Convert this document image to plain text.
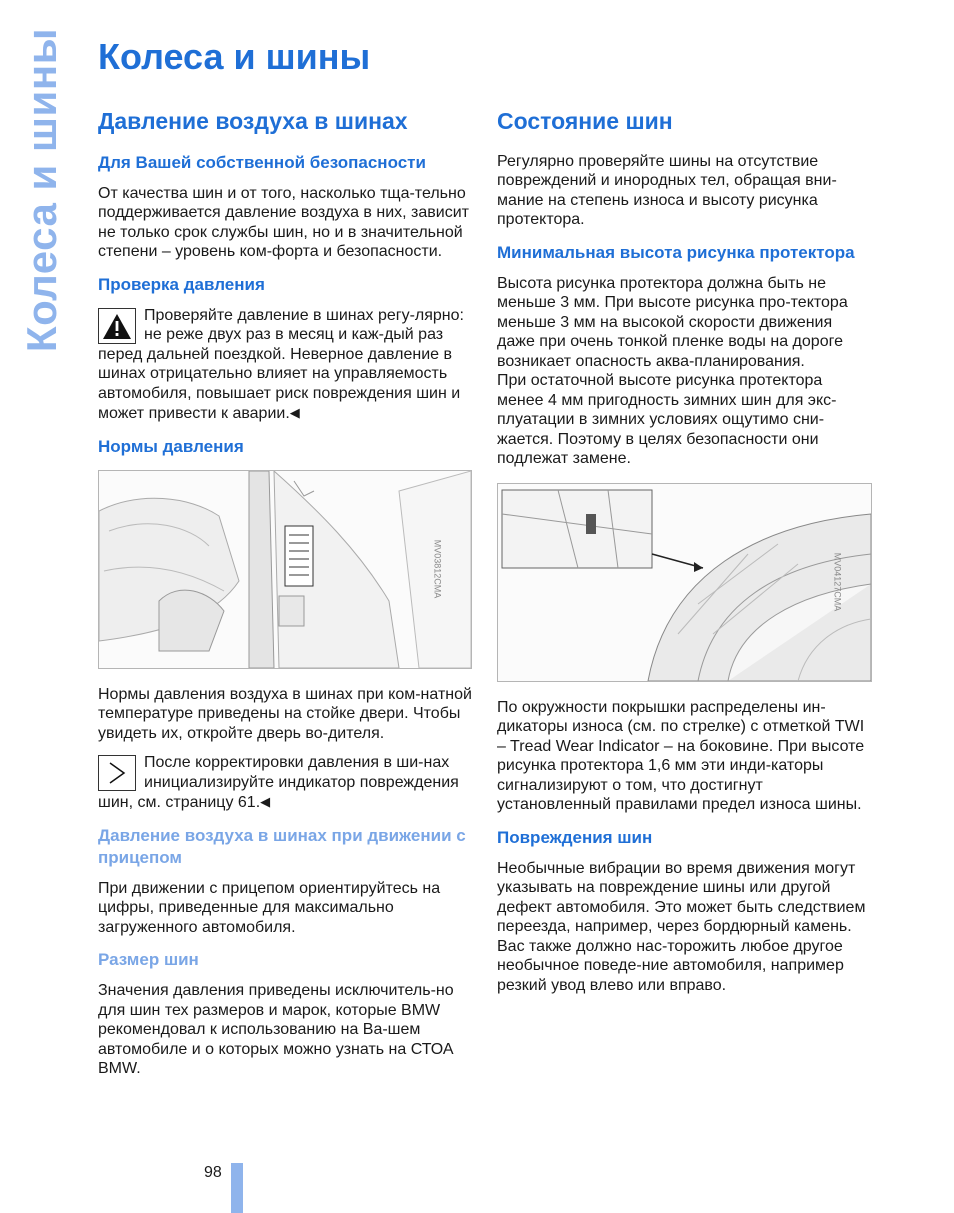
Колеса и шины Колеса и шины
Давление воздуха в шинах
Для Вашей собственной безопасности

От качества шин и от того, насколько тща-тельно поддерживается давление воздуха в них, зависит не только срок службы шин, но и в значительной степени – уровень ком-форта и безопасности.

Проверка давления

Проверяйте давление в шинах регу-лярно: не реже двух раз в месяц и каж-дый раз перед дальней поездкой. Неверное давление в шинах отрицательно влияет на управляемость автомобиля, повышает риск повреждения шин и может привести к аварии.◀

Нормы давления
MV03812CMA

Нормы давления воздуха в шинах при ком-натной температуре приведены на стойке двери. Чтобы увидеть их, откройте дверь во-дителя.

После корректировки давления в ши-нах инициализируйте индикатор повреждения шин, см. страницу 61.◀

Давление воздуха в шинах при движении с прицепом

При движении с прицепом ориентируйтесь на цифры, приведенные для максимально загруженного автомобиля.

Размер шин

Значения давления приведены исключитель-но для шин тех размеров и марок, которые BMW рекомендовал к использованию на Ва-шем автомобиле и о которых можно узнать на СТОА BMW.

Состояние шин

Регулярно проверяйте шины на отсутствие повреждений и инородных тел, обращая вни-мание на степень износа и высоту рисунка протектора.

Минимальная высота рисунка протектора

Высота рисунка протектора должна быть не меньше 3 мм. При высоте рисунка про-тектора меньше 3 мм на высокой скорости движения даже при очень тонкой пленке воды на дороге возникает опасность аква-планирования.

При остаточной высоте рисунка протектора менее 4 мм пригодность зимних шин для экс-плуатации в зимних условиях ощутимо сни-жается. Поэтому в целях безопасности они подлежат замене.

MV04127CMA

По окружности покрышки распределены ин-дикаторы износа (см. по стрелке) с отметкой TWI – Tread Wear Indicator – на боковине. При высоте рисунка протектора 1,6 мм эти инди-каторы сигнализируют о том, что достигнут установленный правилами предел износа шины.

Повреждения шин

Необычные вибрации во время движения могут указывать на повреждение шины или другой дефект автомобиля. Это может быть следствием переезда, например, через бордюрный камень. Вас также должно нас-торожить любое другое необычное поведе-ние автомобиля, например резкий увод влево или вправо.

98
